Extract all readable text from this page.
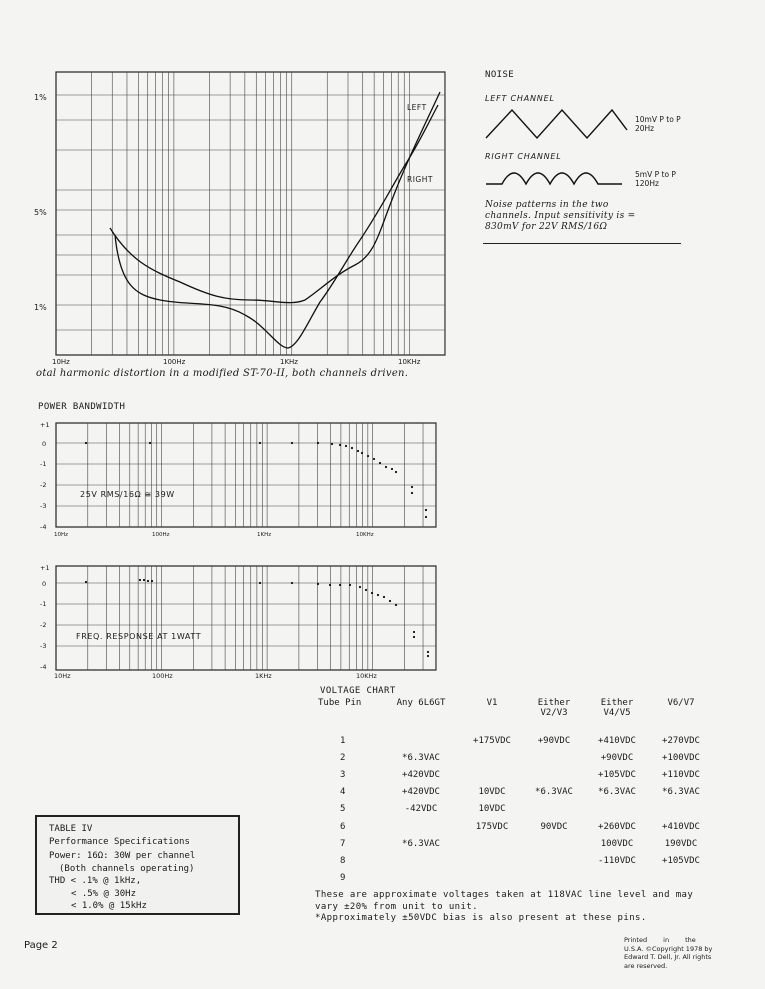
1%
5%
1%
10Hz	100Hz	1KHz	10KHz
LEFT
RIGHT
otal harmonic distortion in a modified ST-70-II, both channels driven.
NOISE
LEFT CHANNEL
10mV P to P
20Hz
RIGHT CHANNEL
5mV P to P
120Hz
Noise patterns in the two
channels. Input sensitivity is =
830mV for 22V RMS/16Ω
POWER BANDWIDTH
+1
0
-1
-2
-3
-4
10Hz	100Hz	1KHz	10KHz
25V RMS/16Ω ≅ 39W
+1
0
-1
-2
-3
-4
10Hz	100Hz	1KHz	10KHz
FREQ. RESPONSE AT 1WATT
VOLTAGE CHART
Tube Pin	Any 6L6GT	V1	Either V2/V3	Either V4/V5	V6/V7
1		+175VDC	+90VDC	+410VDC	+270VDC
2	*6.3VAC			+90VDC	+100VDC
3	+420VDC			+105VDC	+110VDC
4	+420VDC	10VDC	*6.3VAC	*6.3VAC	*6.3VAC
5	-42VDC	10VDC			
6		175VDC	90VDC	+260VDC	+410VDC
7	*6.3VAC			100VDC	190VDC
8				-110VDC	+105VDC
9					
These are approximate voltages taken at 118VAC line level and may
vary ±20% from unit to unit.
*Approximately ±50VDC bias is also present at these pins.
TABLE IV
Performance Specifications
Power: 16Ω: 30W per channel
(Both channels operating)
THD < .1% @ 1kHz,
< .5% @ 30Hz
< 1.0% @ 15kHz
Page 2	Printed in the
U.S.A. ©Copyright 1978 by
Edward T. Dell, Jr. All rights
are reserved.
